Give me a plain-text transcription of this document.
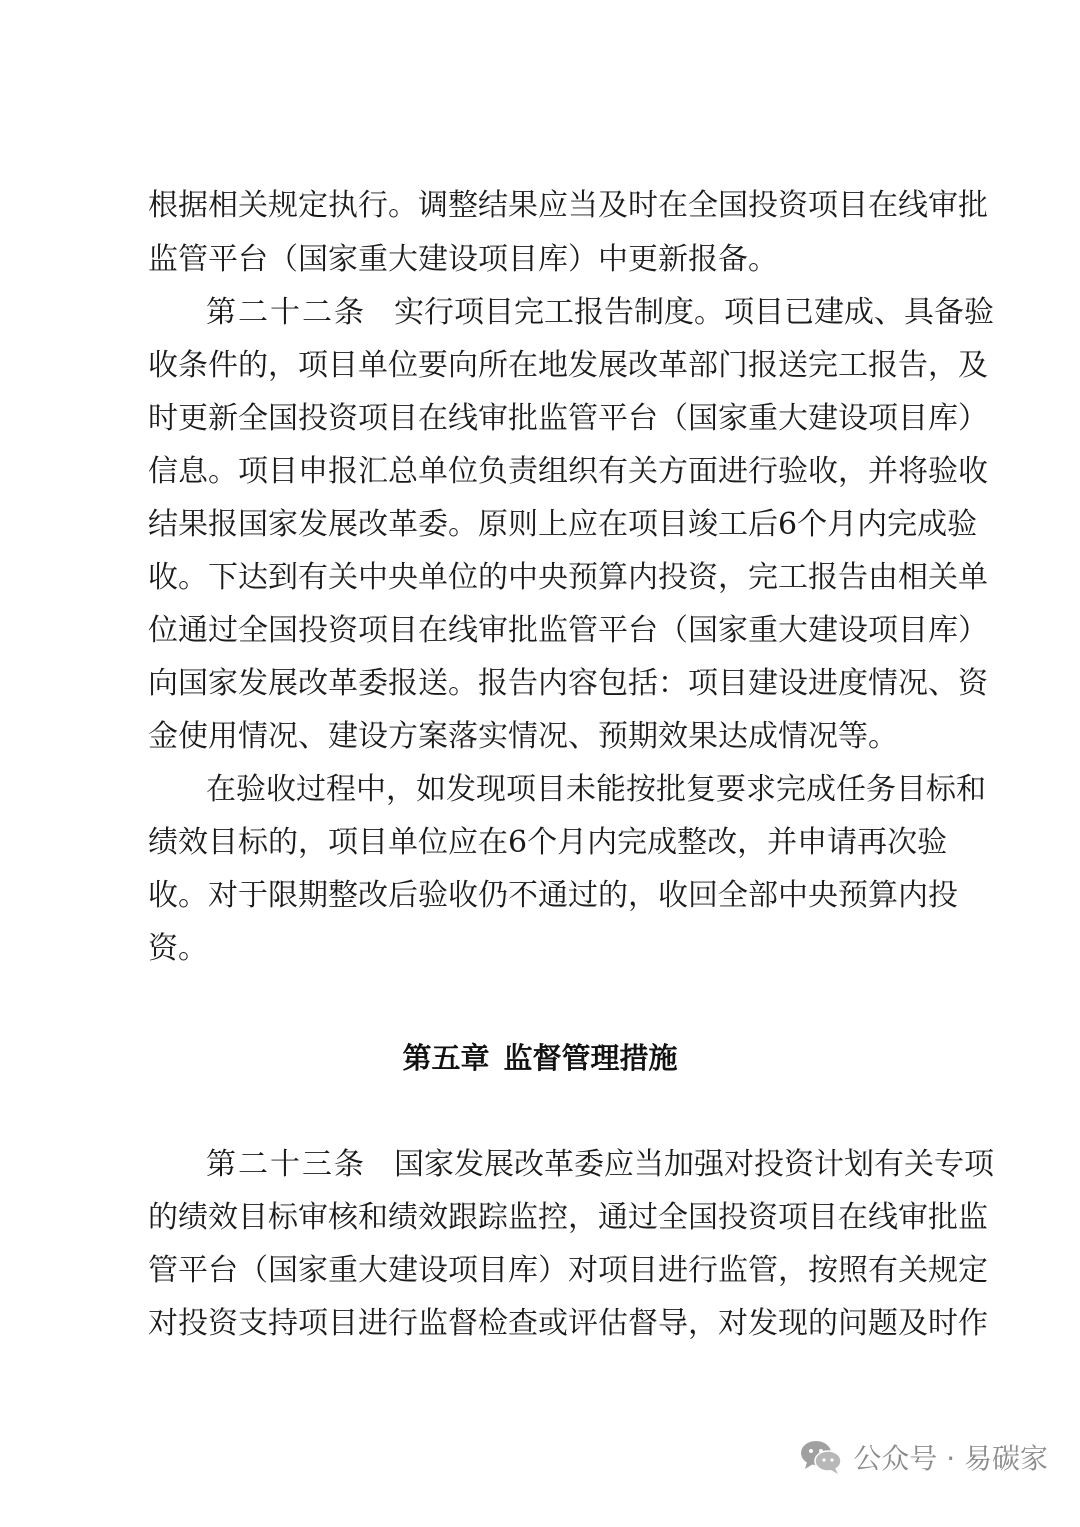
根据相关规定执行。调整结果应当及时在全国投资项目在线审批
监管平台（国家重大建设项目库）中更新报备。
第二十二条 实行项目完工报告制度。项目已建成、具备验
收条件的，项目单位要向所在地发展改革部门报送完工报告，及
时更新全国投资项目在线审批监管平台（国家重大建设项目库）
信息。项目申报汇总单位负责组织有关方面进行验收，并将验收
结果报国家发展改革委。原则上应在项目竣工后6个月内完成验
收。下达到有关中央单位的中央预算内投资，完工报告由相关单
位通过全国投资项目在线审批监管平台（国家重大建设项目库）
向国家发展改革委报送。报告内容包括：项目建设进度情况、资
金使用情况、建设方案落实情况、预期效果达成情况等。
在验收过程中，如发现项目未能按批复要求完成任务目标和
绩效目标的，项目单位应在6个月内完成整改，并申请再次验
收。对于限期整改后验收仍不通过的，收回全部中央预算内投
资。
第五章 监督管理措施
第二十三条 国家发展改革委应当加强对投资计划有关专项
的绩效目标审核和绩效跟踪监控，通过全国投资项目在线审批监
管平台（国家重大建设项目库）对项目进行监管，按照有关规定
对投资支持项目进行监督检查或评估督导，对发现的问题及时作
公众号 · 易碳家
